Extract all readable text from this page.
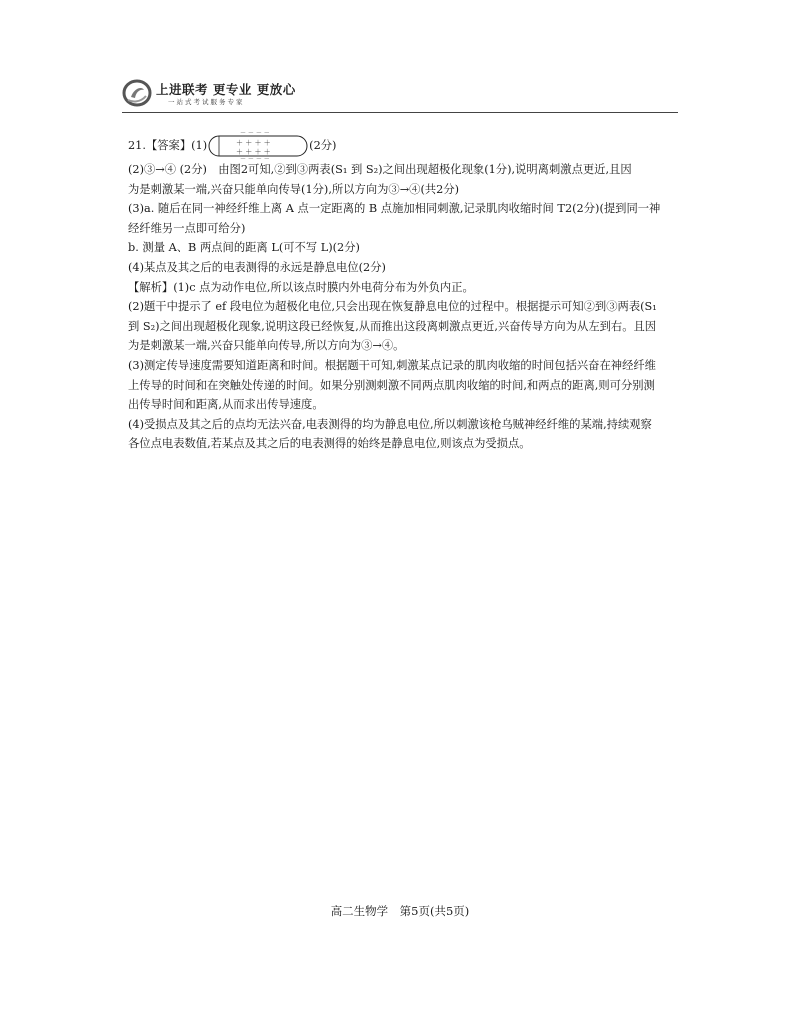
上进联考 更专业 更放心
一站式考试服务专家
21.【答案】(1)
－ － － －
＋ ＋ ＋ ＋
＋ ＋ ＋ ＋
－ － － －
(2分)
(2)③→④ (2分)　由图2可知,②到③两表(S₁ 到 S₂)之间出现超极化现象(1分),说明离刺激点更近,且因
为是刺激某一端,兴奋只能单向传导(1分),所以方向为③→④(共2分)
(3)a. 随后在同一神经纤维上离 A 点一定距离的 B 点施加相同刺激,记录肌肉收缩时间 T2(2分)(提到同一神
经纤维另一点即可给分)
b. 测量 A、B 两点间的距离 L(可不写 L)(2分)
(4)某点及其之后的电表测得的永远是静息电位(2分)
【解析】(1)c 点为动作电位,所以该点时膜内外电荷分布为外负内正。
(2)题干中提示了 ef 段电位为超极化电位,只会出现在恢复静息电位的过程中。根据提示可知②到③两表(S₁
到 S₂)之间出现超极化现象,说明这段已经恢复,从而推出这段离刺激点更近,兴奋传导方向为从左到右。且因
为是刺激某一端,兴奋只能单向传导,所以方向为③→④。
(3)测定传导速度需要知道距离和时间。根据题干可知,刺激某点记录的肌肉收缩的时间包括兴奋在神经纤维
上传导的时间和在突触处传递的时间。如果分别测刺激不同两点肌肉收缩的时间,和两点的距离,则可分别测
出传导时间和距离,从而求出传导速度。
(4)受损点及其之后的点均无法兴奋,电表测得的均为静息电位,所以刺激该枪乌贼神经纤维的某端,持续观察
各位点电表数值,若某点及其之后的电表测得的始终是静息电位,则该点为受损点。
高二生物学　第5页(共5页)
